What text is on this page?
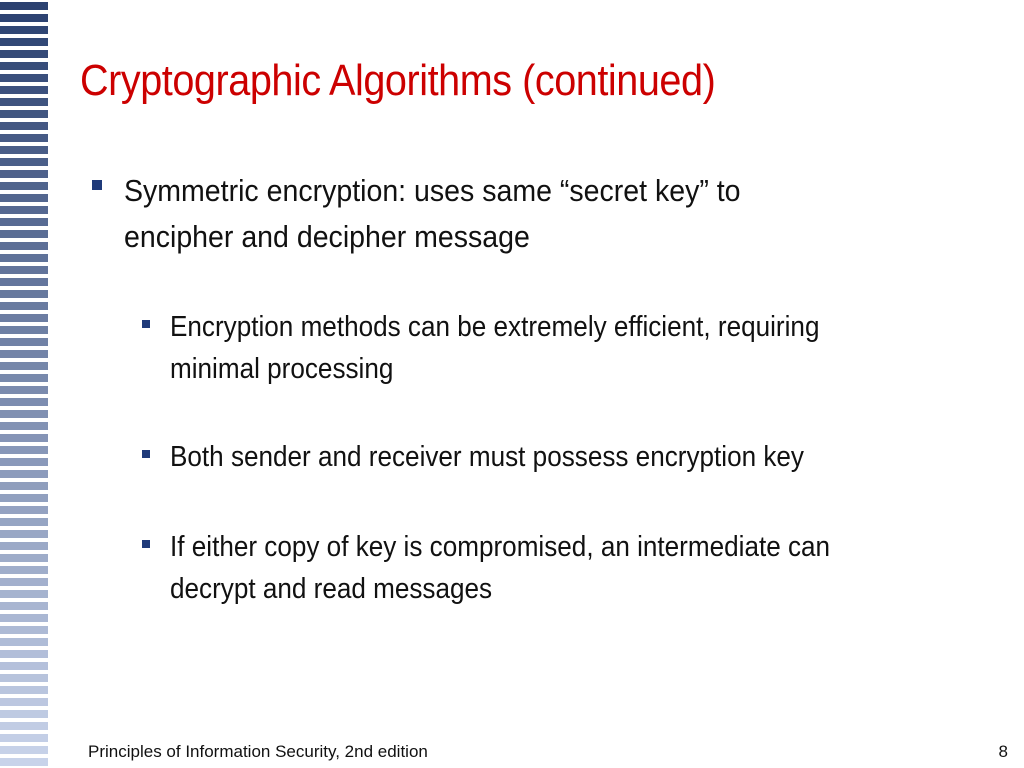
Cryptographic Algorithms (continued)
Symmetric encryption: uses same “secret key” to encipher and decipher message
Encryption methods can be extremely efficient, requiring minimal processing
Both sender and receiver must possess encryption key
If either copy of key is compromised, an intermediate can decrypt and read messages
Principles of Information Security, 2nd edition	8
